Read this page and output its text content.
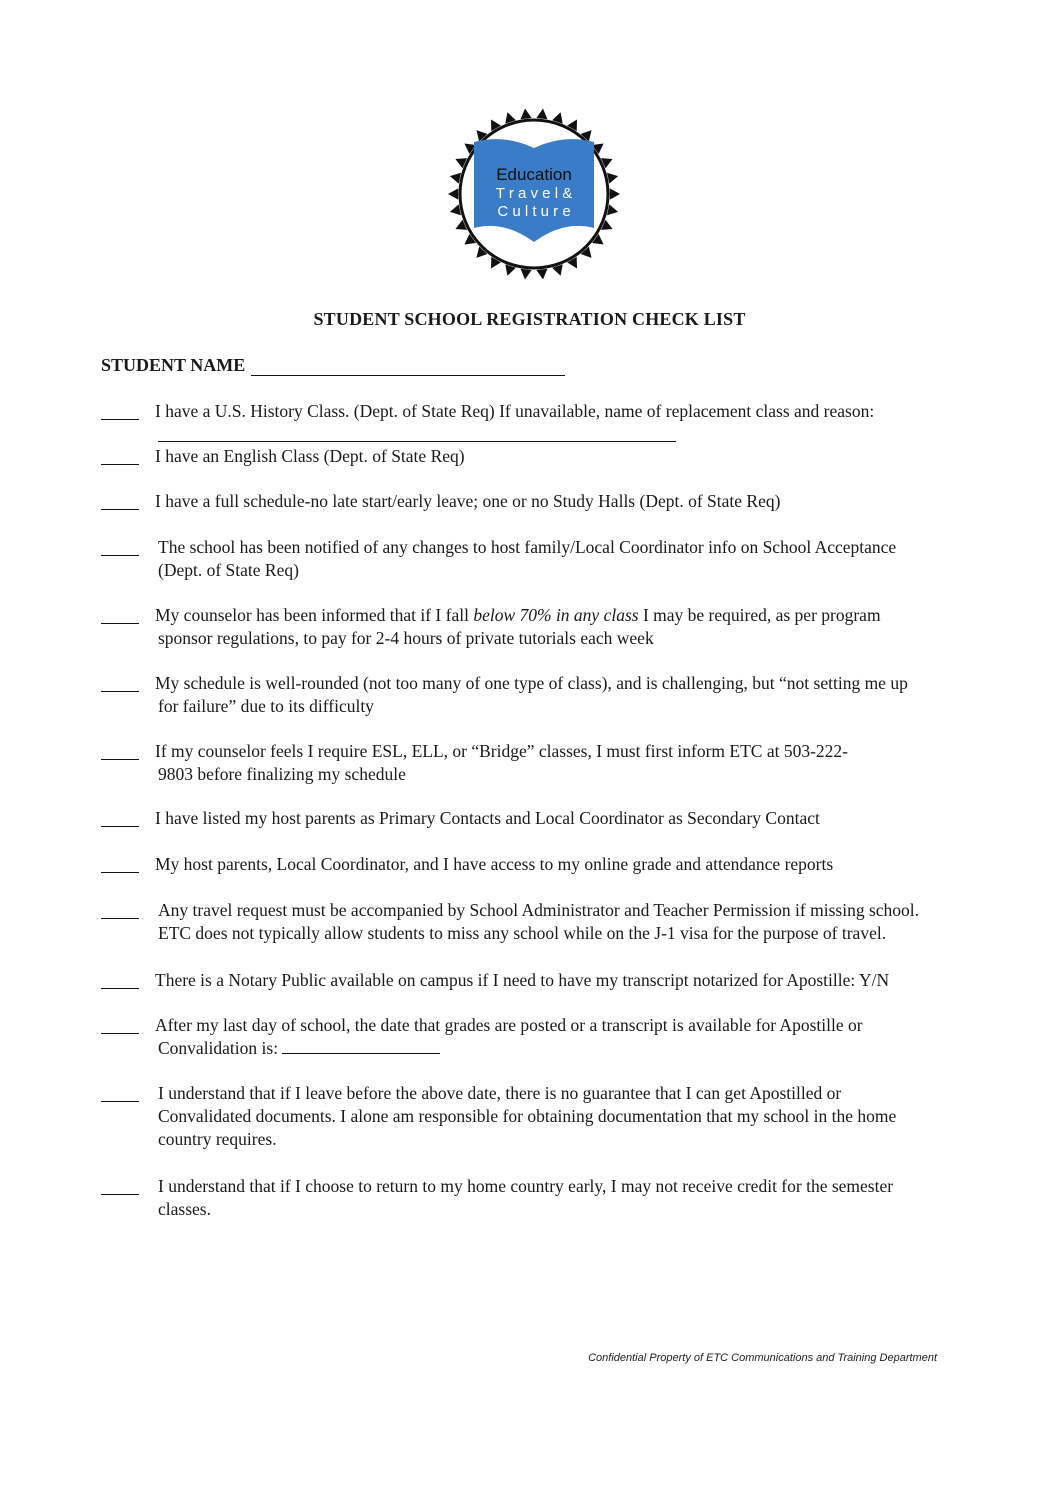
Education
T r a v e l &
C u l t u r e
STUDENT SCHOOL REGISTRATION CHECK LIST
STUDENT NAME
I have a U.S. History Class. (Dept. of State Req) If unavailable, name of replacement class and reason:
I have an English Class (Dept. of State Req)
I have a full schedule-no late start/early leave; one or no Study Halls (Dept. of State Req)
The school has been notified of any changes to host family/Local Coordinator info on School Acceptance
(Dept. of State Req)
My counselor has been informed that if I fall below 70% in any class I may be required, as per program
sponsor regulations, to pay for 2-4 hours of private tutorials each week
My schedule is well-rounded (not too many of one type of class), and is challenging, but “not setting me up
for failure” due to its difficulty
If my counselor feels I require ESL, ELL, or “Bridge” classes, I must first inform ETC at 503-222-
9803 before finalizing my schedule
I have listed my host parents as Primary Contacts and Local Coordinator as Secondary Contact
My host parents, Local Coordinator, and I have access to my online grade and attendance reports
Any travel request must be accompanied by School Administrator and Teacher Permission if missing school.
ETC does not typically allow students to miss any school while on the J-1 visa for the purpose of travel.
There is a Notary Public available on campus if I need to have my transcript notarized for Apostille: Y/N
After my last day of school, the date that grades are posted or a transcript is available for Apostille or
Convalidation is:
I understand that if I leave before the above date, there is no guarantee that I can get Apostilled or
Convalidated documents. I alone am responsible for obtaining documentation that my school in the home
country requires.
I understand that if I choose to return to my home country early, I may not receive credit for the semester
classes.
Confidential Property of ETC Communications and Training Department
